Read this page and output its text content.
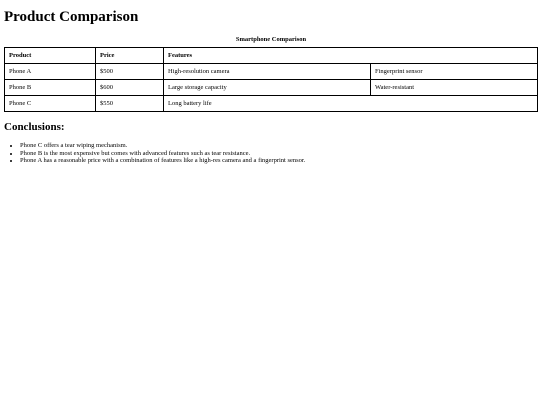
Product Comparison
Smartphone Comparison
Product	Price	Features	
Phone A	$500	High-resolution camera	Fingerprint sensor
Phone B	$600	Large storage capacity	Water-resistant
Phone C	$550	Long battery life	
Conclusions:
• Phone C offers a tear wiping mechanism.
• Phone B is the most expensive but comes with advanced features such as tear resistance.
• Phone A has a reasonable price with a combination of features like a high-res camera and a fingerprint sensor.
